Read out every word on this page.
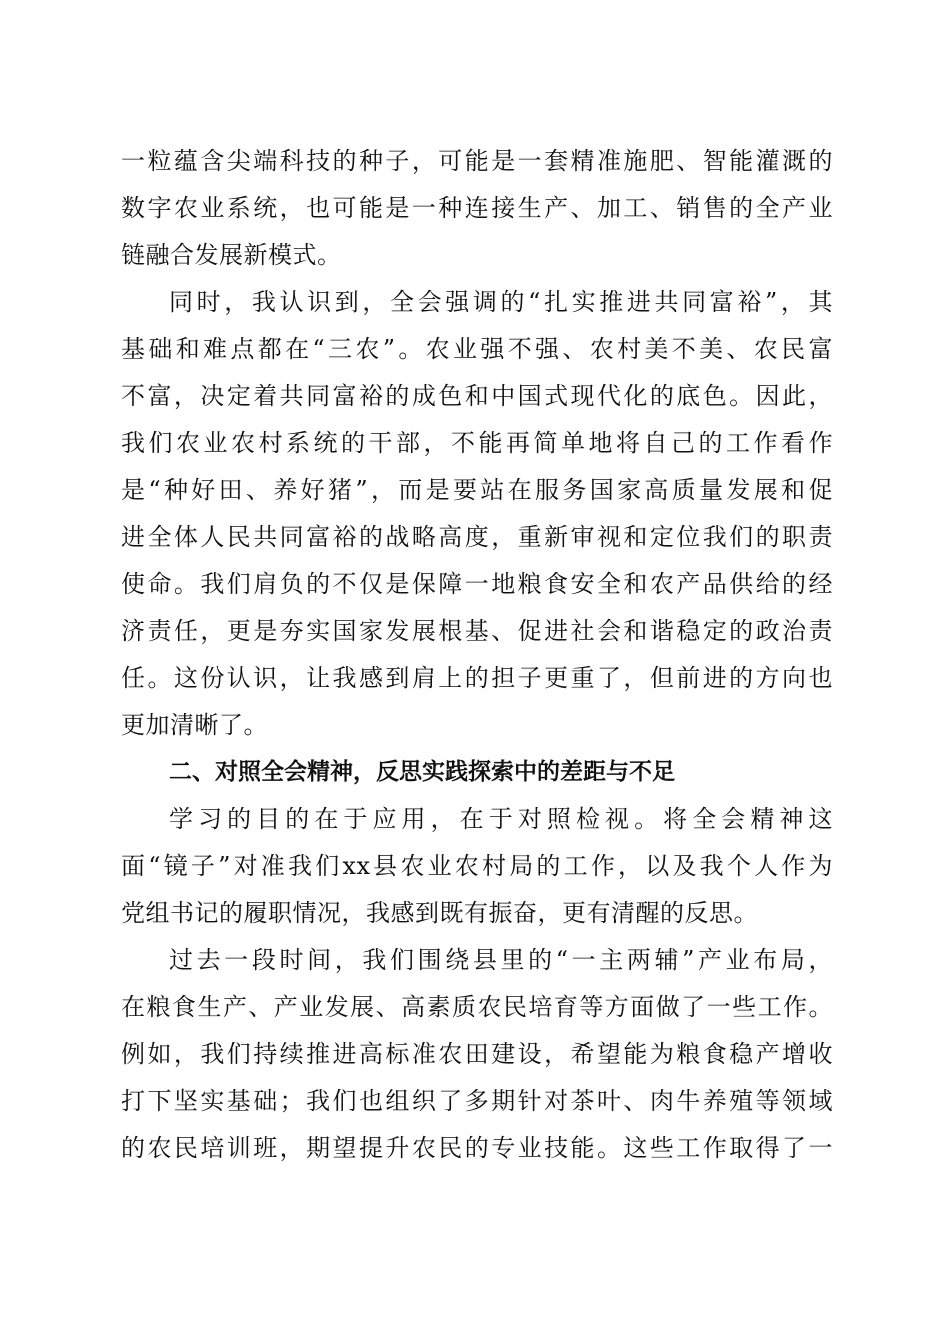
一粒蕴含尖端科技的种子，可能是一套精准施肥、智能灌溉的
数字农业系统，也可能是一种连接生产、加工、销售的全产业
链融合发展新模式。
同时，我认识到，全会强调的“扎实推进共同富裕”，其
基础和难点都在“三农”。农业强不强、农村美不美、农民富
不富，决定着共同富裕的成色和中国式现代化的底色。因此，
我们农业农村系统的干部，不能再简单地将自己的工作看作
是“种好田、养好猪”，而是要站在服务国家高质量发展和促
进全体人民共同富裕的战略高度，重新审视和定位我们的职责
使命。我们肩负的不仅是保障一地粮食安全和农产品供给的经
济责任，更是夯实国家发展根基、促进社会和谐稳定的政治责
任。这份认识，让我感到肩上的担子更重了，但前进的方向也
更加清晰了。
二、对照全会精神，反思实践探索中的差距与不足
学习的目的在于应用，在于对照检视。将全会精神这
面“镜子”对准我们xx县农业农村局的工作，以及我个人作为
党组书记的履职情况，我感到既有振奋，更有清醒的反思。
过去一段时间，我们围绕县里的“一主两辅”产业布局，
在粮食生产、产业发展、高素质农民培育等方面做了一些工作。
例如，我们持续推进高标准农田建设，希望能为粮食稳产增收
打下坚实基础；我们也组织了多期针对茶叶、肉牛养殖等领域
的农民培训班，期望提升农民的专业技能。这些工作取得了一
